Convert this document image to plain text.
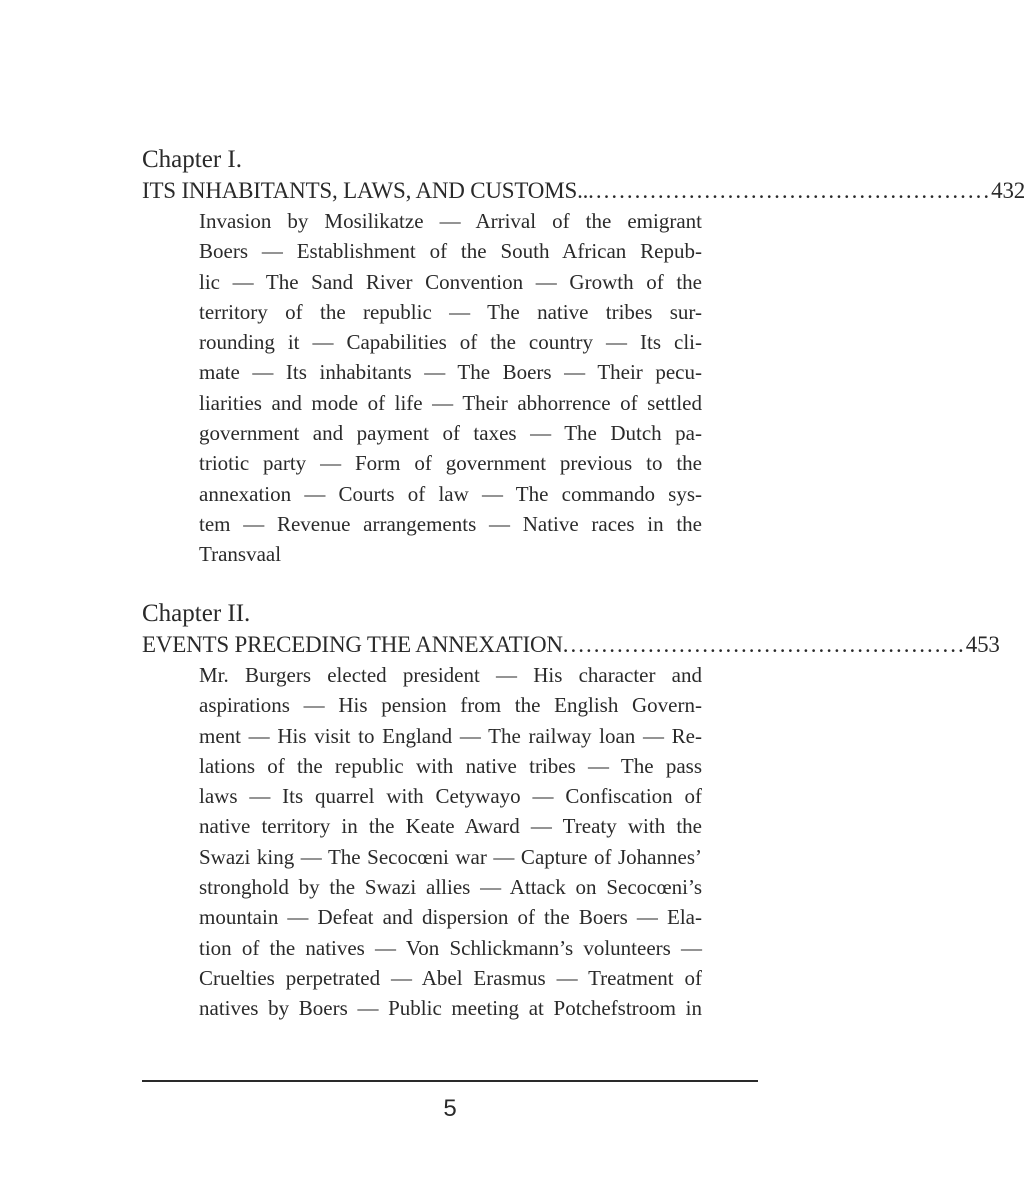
Chapter I.
ITS INHABITANTS, LAWS, AND CUSTOMS.. .................................................... 432
Invasion by Mosilikatze — Arrival of the emigrant
Boers — Establishment of the South African Repub-
lic — The Sand River Convention — Growth of the
territory of the republic — The native tribes sur-
rounding it — Capabilities of the country — Its cli-
mate — Its inhabitants — The Boers — Their pecu-
liarities and mode of life — Their abhorrence of settled
government and payment of taxes — The Dutch pa-
triotic party — Form of government previous to the
annexation — Courts of law — The commando sys-
tem — Revenue arrangements — Native races in the
Transvaal
Chapter II.
EVENTS PRECEDING THE ANNEXATION .................................................... 453
Mr. Burgers elected president — His character and
aspirations — His pension from the English Govern-
ment — His visit to England — The railway loan — Re-
lations of the republic with native tribes — The pass
laws — Its quarrel with Cetywayo — Confiscation of
native territory in the Keate Award — Treaty with the
Swazi king — The Secocœni war — Capture of Johannes’
stronghold by the Swazi allies — Attack on Secocœni’s
mountain — Defeat and dispersion of the Boers — Ela-
tion of the natives — Von Schlickmann’s volunteers —
Cruelties perpetrated — Abel Erasmus — Treatment of
natives by Boers — Public meeting at Potchefstroom in
5
